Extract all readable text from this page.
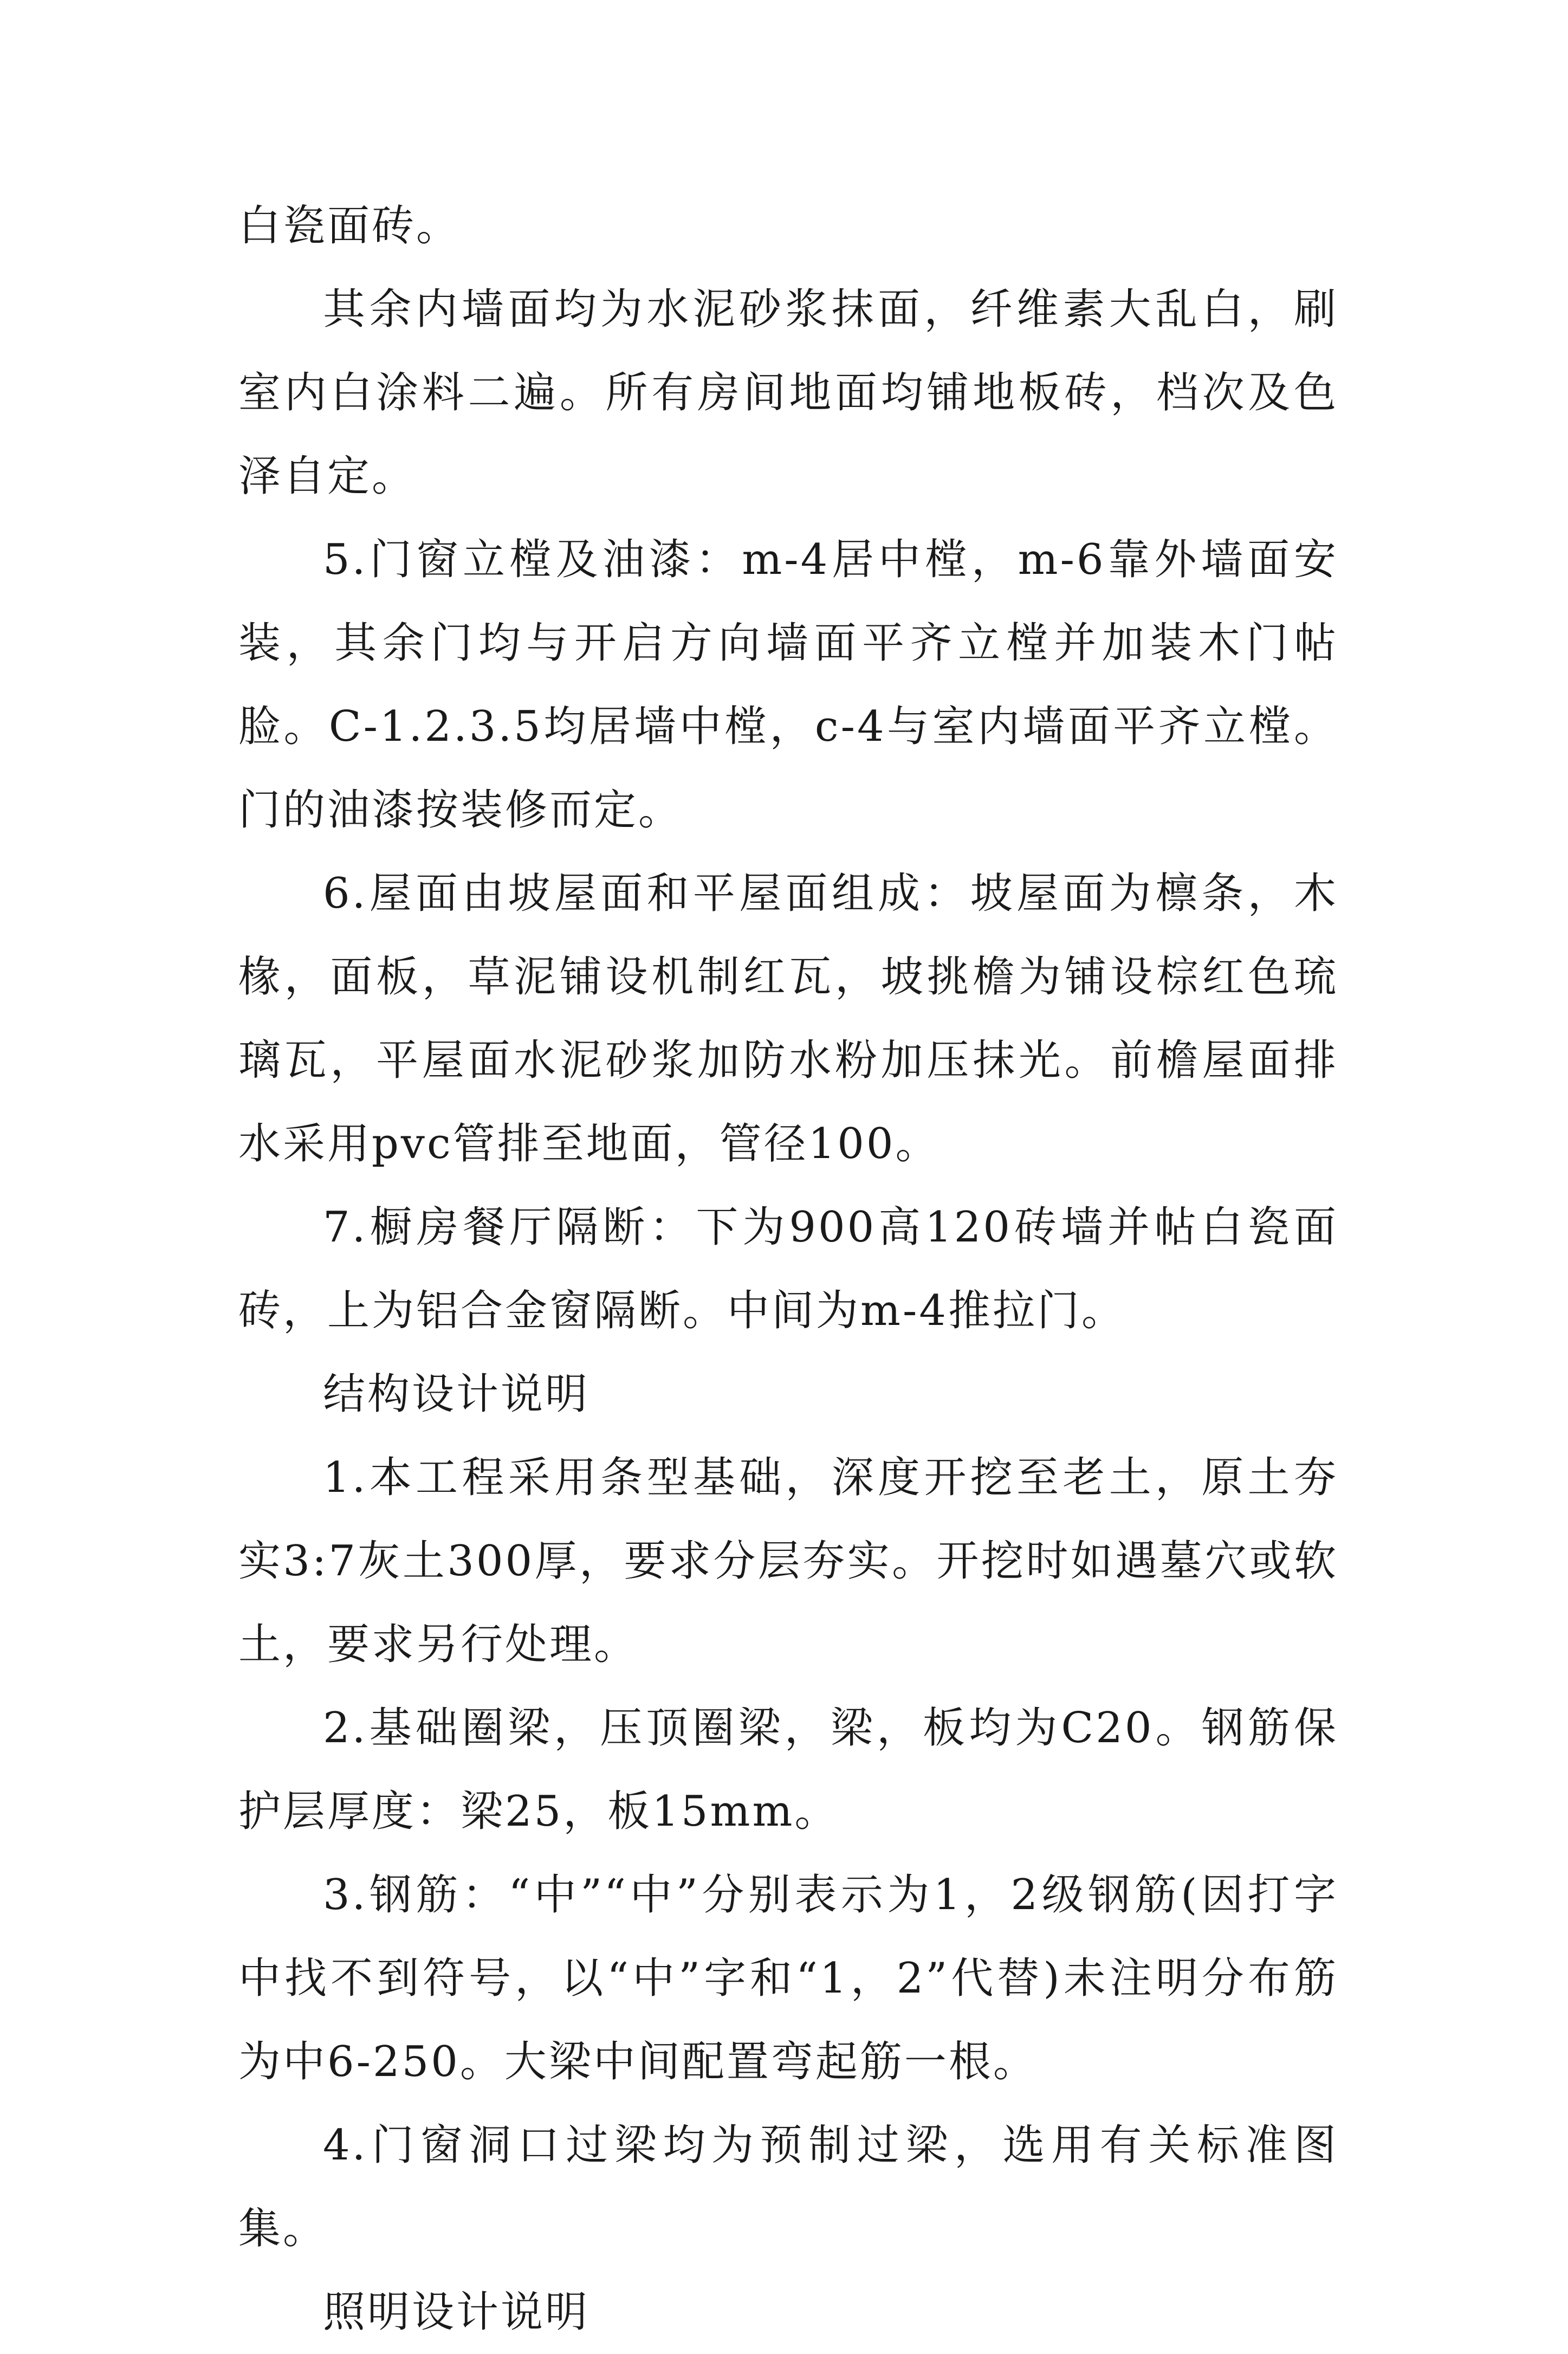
白瓷面砖。

其余内墙面均为水泥砂浆抹面，纤维素大乱白，刷室内白涂料二遍。所有房间地面均铺地板砖，档次及色泽自定。

5.门窗立樘及油漆：m-4居中樘，m-6靠外墙面安装，其余门均与开启方向墙面平齐立樘并加装木门帖脸。C-1.2.3.5均居墙中樘，c-4与室内墙面平齐立樘。门的油漆按装修而定。

6.屋面由坡屋面和平屋面组成：坡屋面为檩条，木椽，面板，草泥铺设机制红瓦，坡挑檐为铺设棕红色琉璃瓦，平屋面水泥砂浆加防水粉加压抹光。前檐屋面排水采用pvc管排至地面，管径100。

7.橱房餐厅隔断：下为900高120砖墙并帖白瓷面砖，上为铝合金窗隔断。中间为m-4推拉门。

结构设计说明

1.本工程采用条型基础，深度开挖至老土，原土夯实3:7灰土300厚，要求分层夯实。开挖时如遇墓穴或软土，要求另行处理。

2.基础圈梁，压顶圈梁，梁，板均为C20。钢筋保护层厚度：梁25，板15mm。

3.钢筋：“中”“中”分别表示为1，2级钢筋(因打字中找不到符号，以“中”字和“1，2”代替)未注明分布筋为中6-250。大梁中间配置弯起筋一根。

4.门窗洞口过梁均为预制过梁，选用有关标准图集。

照明设计说明
